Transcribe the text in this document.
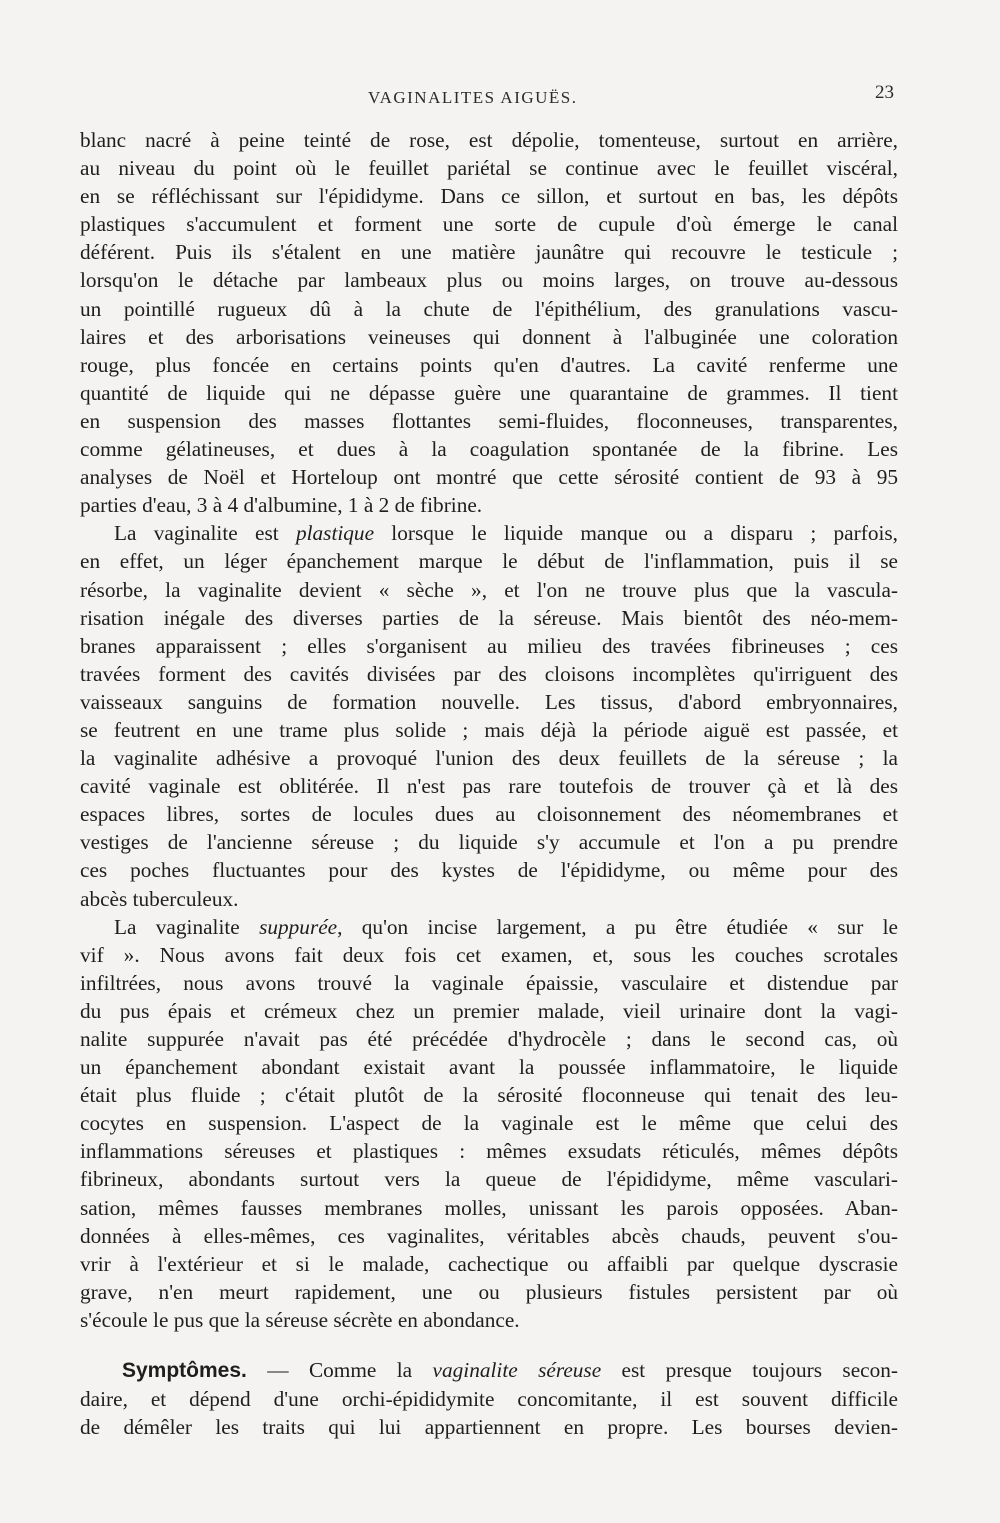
VAGINALITES AIGUËS.	23

blanc nacré à peine teinté de rose, est dépolie, tomenteuse, surtout en arrière,
au niveau du point où le feuillet pariétal se continue avec le feuillet viscéral,
en se réfléchissant sur l'épididyme. Dans ce sillon, et surtout en bas, les dépôts
plastiques s'accumulent et forment une sorte de cupule d'où émerge le canal
déférent. Puis ils s'étalent en une matière jaunâtre qui recouvre le testicule ;
lorsqu'on le détache par lambeaux plus ou moins larges, on trouve au-dessous
un pointillé rugueux dû à la chute de l'épithélium, des granulations vascu-
laires et des arborisations veineuses qui donnent à l'albuginée une coloration
rouge, plus foncée en certains points qu'en d'autres. La cavité renferme une
quantité de liquide qui ne dépasse guère une quarantaine de grammes. Il tient
en suspension des masses flottantes semi-fluides, floconneuses, transparentes,
comme gélatineuses, et dues à la coagulation spontanée de la fibrine. Les
analyses de Noël et Horteloup ont montré que cette sérosité contient de 93 à 95
parties d'eau, 3 à 4 d'albumine, 1 à 2 de fibrine.

La vaginalite est plastique lorsque le liquide manque ou a disparu ; parfois,
en effet, un léger épanchement marque le début de l'inflammation, puis il se
résorbe, la vaginalite devient « sèche », et l'on ne trouve plus que la vascula-
risation inégale des diverses parties de la séreuse. Mais bientôt des néo-mem-
branes apparaissent ; elles s'organisent au milieu des travées fibrineuses ; ces
travées forment des cavités divisées par des cloisons incomplètes qu'irriguent des
vaisseaux sanguins de formation nouvelle. Les tissus, d'abord embryonnaires,
se feutrent en une trame plus solide ; mais déjà la période aiguë est passée, et
la vaginalite adhésive a provoqué l'union des deux feuillets de la séreuse ; la
cavité vaginale est oblitérée. Il n'est pas rare toutefois de trouver çà et là des
espaces libres, sortes de locules dues au cloisonnement des néomembranes et
vestiges de l'ancienne séreuse ; du liquide s'y accumule et l'on a pu prendre
ces poches fluctuantes pour des kystes de l'épididyme, ou même pour des
abcès tuberculeux.

La vaginalite suppurée, qu'on incise largement, a pu être étudiée « sur le
vif ». Nous avons fait deux fois cet examen, et, sous les couches scrotales
infiltrées, nous avons trouvé la vaginale épaissie, vasculaire et distendue par
du pus épais et crémeux chez un premier malade, vieil urinaire dont la vagi-
nalite suppurée n'avait pas été précédée d'hydrocèle ; dans le second cas, où
un épanchement abondant existait avant la poussée inflammatoire, le liquide
était plus fluide ; c'était plutôt de la sérosité floconneuse qui tenait des leu-
cocytes en suspension. L'aspect de la vaginale est le même que celui des
inflammations séreuses et plastiques : mêmes exsudats réticulés, mêmes dépôts
fibrineux, abondants surtout vers la queue de l'épididyme, même vasculari-
sation, mêmes fausses membranes molles, unissant les parois opposées. Aban-
données à elles-mêmes, ces vaginalites, véritables abcès chauds, peuvent s'ou-
vrir à l'extérieur et si le malade, cachectique ou affaibli par quelque dyscrasie
grave, n'en meurt rapidement, une ou plusieurs fistules persistent par où
s'écoule le pus que la séreuse sécrète en abondance.

Symptômes. — Comme la vaginalite séreuse est presque toujours secon-
daire, et dépend d'une orchi-épididymite concomitante, il est souvent difficile
de démêler les traits qui lui appartiennent en propre. Les bourses devien-
